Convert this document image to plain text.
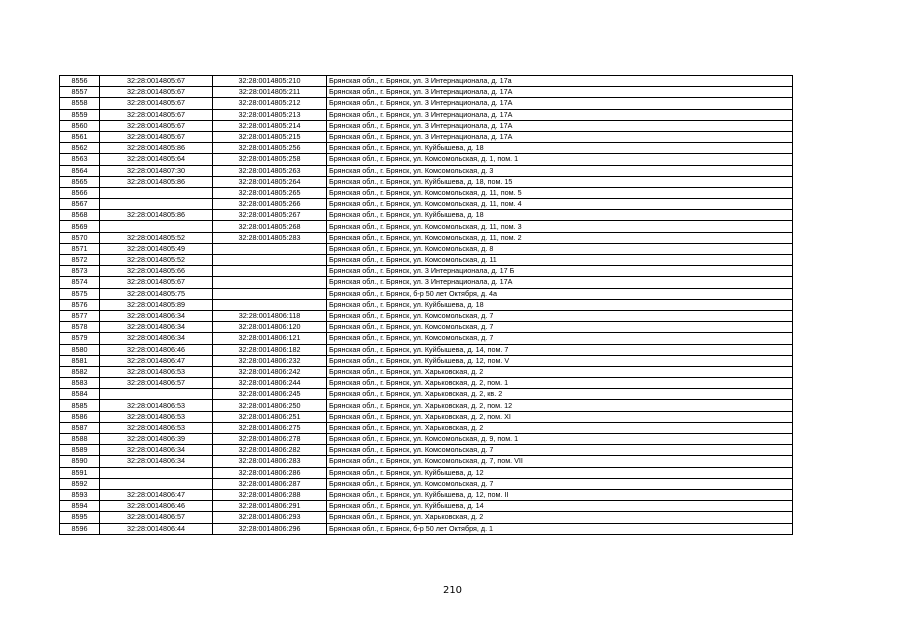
8556	32:28:0014805:67	32:28:0014805:210	Брянская обл., г. Брянск, ул. 3 Интернационала, д. 17а
8557	32:28:0014805:67	32:28:0014805:211	Брянская обл., г. Брянск, ул. 3 Интернационала, д. 17А
8558	32:28:0014805:67	32:28:0014805:212	Брянская обл., г. Брянск, ул. 3 Интернационала, д. 17А
8559	32:28:0014805:67	32:28:0014805:213	Брянская обл., г. Брянск, ул. 3 Интернационала, д. 17А
8560	32:28:0014805:67	32:28:0014805:214	Брянская обл., г. Брянск, ул. 3 Интернационала, д. 17А
8561	32:28:0014805:67	32:28:0014805:215	Брянская обл., г. Брянск, ул. 3 Интернационала, д. 17А
8562	32:28:0014805:86	32:28:0014805:256	Брянская обл., г. Брянск, ул. Куйбышева, д. 18
8563	32:28:0014805:64	32:28:0014805:258	Брянская обл., г. Брянск, ул. Комсомольская, д. 1, пом. 1
8564	32:28:0014807:30	32:28:0014805:263	Брянская обл., г. Брянск, ул. Комсомольская, д. 3
8565	32:28:0014805:86	32:28:0014805:264	Брянская обл., г. Брянск, ул. Куйбышева, д. 18, пом. 15
8566		32:28:0014805:265	Брянская обл., г. Брянск, ул. Комсомольская, д. 11, пом. 5
8567		32:28:0014805:266	Брянская обл., г. Брянск, ул. Комсомольская, д. 11, пом. 4
8568	32:28:0014805:86	32:28:0014805:267	Брянская обл., г. Брянск, ул. Куйбышева, д. 18
8569		32:28:0014805:268	Брянская обл., г. Брянск, ул. Комсомольская, д. 11, пом. 3
8570	32:28:0014805:52	32:28:0014805:283	Брянская обл., г. Брянск, ул. Комсомольская, д. 11, пом. 2
8571	32:28:0014805:49		Брянская обл., г. Брянск, ул. Комсомольская, д. 8
8572	32:28:0014805:52		Брянская обл., г. Брянск, ул. Комсомольская, д. 11
8573	32:28:0014805:66		Брянская обл., г. Брянск, ул. 3 Интернационала, д. 17 Б
8574	32:28:0014805:67		Брянская обл., г. Брянск, ул. 3 Интернационала, д. 17А
8575	32:28:0014805:75		Брянская обл., г. Брянск, б-р 50 лет Октября, д. 4а
8576	32:28:0014805:89		Брянская обл., г. Брянск, ул. Куйбышева, д. 18
8577	32:28:0014806:34	32:28:0014806:118	Брянская обл., г. Брянск, ул. Комсомольская, д. 7
8578	32:28:0014806:34	32:28:0014806:120	Брянская обл., г. Брянск, ул. Комсомольская, д. 7
8579	32:28:0014806:34	32:28:0014806:121	Брянская обл., г. Брянск, ул. Комсомольская, д. 7
8580	32:28:0014806:46	32:28:0014806:182	Брянская обл., г. Брянск, ул. Куйбышева, д. 14, пом. 7
8581	32:28:0014806:47	32:28:0014806:232	Брянская обл., г. Брянск, ул. Куйбышева, д. 12, пом. V
8582	32:28:0014806:53	32:28:0014806:242	Брянская обл., г. Брянск, ул. Харьковская, д. 2
8583	32:28:0014806:57	32:28:0014806:244	Брянская обл., г. Брянск, ул. Харьковская, д. 2, пом. 1
8584		32:28:0014806:245	Брянская обл., г. Брянск, ул. Харьковская, д. 2, кв. 2
8585	32:28:0014806:53	32:28:0014806:250	Брянская обл., г. Брянск, ул. Харьковская, д. 2, пом. 12
8586	32:28:0014806:53	32:28:0014806:251	Брянская обл., г. Брянск, ул. Харьковская, д. 2, пом. XI
8587	32:28:0014806:53	32:28:0014806:275	Брянская обл., г. Брянск, ул. Харьковская, д. 2
8588	32:28:0014806:39	32:28:0014806:278	Брянская обл., г. Брянск, ул. Комсомольская, д. 9, пом. 1
8589	32:28:0014806:34	32:28:0014806:282	Брянская обл., г. Брянск, ул. Комсомольская, д. 7
8590	32:28:0014806:34	32:28:0014806:283	Брянская обл., г. Брянск, ул. Комсомольская, д. 7, пом. VII
8591		32:28:0014806:286	Брянская обл., г. Брянск, ул. Куйбышева, д. 12
8592		32:28:0014806:287	Брянская обл., г. Брянск, ул. Комсомольская, д. 7
8593	32:28:0014806:47	32:28:0014806:288	Брянская обл., г. Брянск, ул. Куйбышева, д. 12, пом. II
8594	32:28:0014806:46	32:28:0014806:291	Брянская обл., г. Брянск, ул. Куйбышева, д. 14
8595	32:28:0014806:57	32:28:0014806:293	Брянская обл., г. Брянск, ул. Харьковская, д. 2
8596	32:28:0014806:44	32:28:0014806:296	Брянская обл., г. Брянск, б-р 50 лет Октября, д. 1
210
